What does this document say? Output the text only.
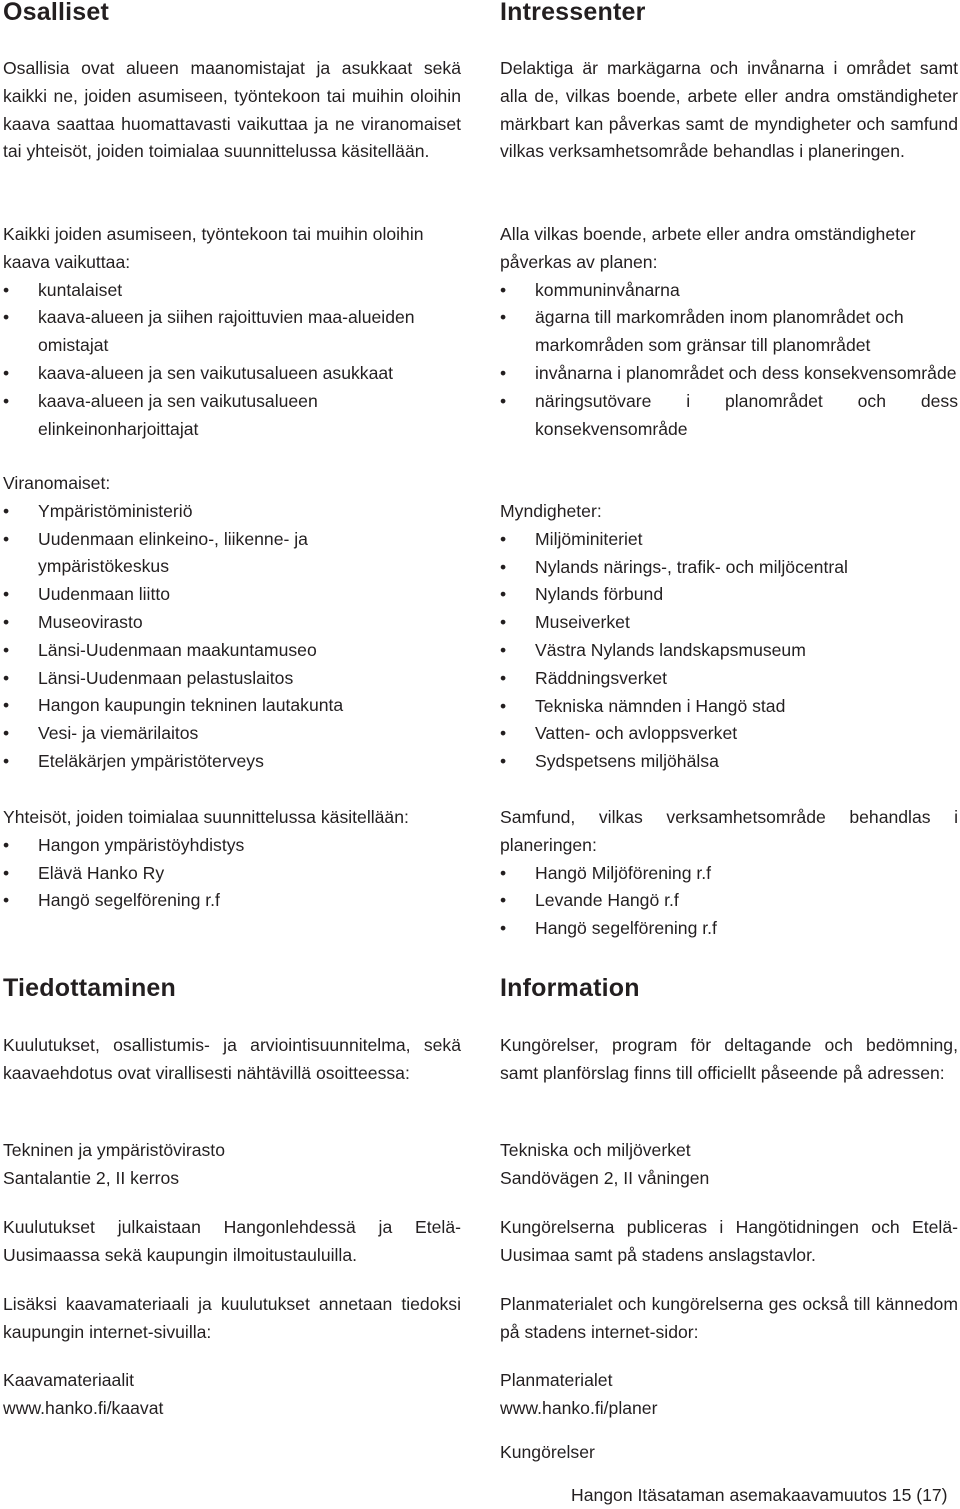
Osalliset

Osallisia ovat alueen maanomistajat ja asukkaat sekä kaikki ne, joiden asumiseen, työntekoon tai muihin oloihin kaava saattaa huomattavasti vaikuttaa ja ne viranomaiset tai yhteisöt, joiden toimialaa suunnittelussa käsitellään.

Kaikki joiden asumiseen, työntekoon tai muihin oloihin kaava vaikuttaa:

• kuntalaiset
• kaava-alueen ja siihen rajoittuvien maa-alueiden omistajat
• kaava-alueen ja sen vaikutusalueen asukkaat
• kaava-alueen ja sen vaikutusalueen elinkeinonharjoittajat

Viranomaiset:

• Ympäristöministeriö
• Uudenmaan elinkeino-, liikenne- ja ympäristökeskus
• Uudenmaan liitto
• Museovirasto
• Länsi-Uudenmaan maakuntamuseo
• Länsi-Uudenmaan pelastuslaitos
• Hangon kaupungin tekninen lautakunta
• Vesi- ja viemärilaitos
• Eteläkärjen ympäristöterveys

Yhteisöt, joiden toimialaa suunnittelussa käsitellään:

• Hangon ympäristöyhdistys
• Elävä Hanko Ry
• Hangö segelförening r.f
Tiedottaminen

Kuulutukset, osallistumis- ja arviointisuunnitelma, sekä kaavaehdotus ovat virallisesti nähtävillä osoitteessa:

Tekninen ja ympäristövirasto

Santalantie 2, II kerros

Kuulutukset julkaistaan Hangonlehdessä ja Etelä-Uusimaassa sekä kaupungin ilmoitustauluilla.

Lisäksi kaavamateriaali ja kuulutukset annetaan tiedoksi kaupungin internet-sivuilla:

Kaavamateriaalit

www.hanko.fi/kaavat

Intressenter

Delaktiga är markägarna och invånarna i området samt alla de, vilkas boende, arbete eller andra omständigheter märkbart kan påverkas samt de myndigheter och samfund vilkas verksamhetsområde behandlas i planeringen.

Alla vilkas boende, arbete eller andra omständigheter påverkas av planen:

• kommuninvånarna
• ägarna till markområden inom planområdet och markområden som gränsar till planområdet
• invånarna i planområdet och dess konsekvensområde
• näringsutövare i planområdet och dess konsekvensområde

Myndigheter:

• Miljöminiteriet
• Nylands närings-, trafik- och miljöcentral
• Nylands förbund
• Museiverket
• Västra Nylands landskapsmuseum
• Räddningsverket
• Tekniska nämnden i Hangö stad
• Vatten- och avloppsverket
• Sydspetsens miljöhälsa

Samfund, vilkas verksamhetsområde behandlas i planeringen:

• Hangö Miljöförening r.f
• Levande Hangö r.f
• Hangö segelförening r.f
Information

Kungörelser, program för deltagande och bedömning, samt planförslag finns till officiellt påseende på adressen:

Tekniska och miljöverket

Sandövägen 2, II våningen

Kungörelserna publiceras i Hangötidningen och Etelä-Uusimaa samt på stadens anslagstavlor.

Planmaterialet och kungörelserna ges också till kännedom på stadens internet-sidor:

Planmaterialet

www.hanko.fi/planer

Kungörelser

Hangon Itäsataman asemakaavamuutos 15 (17)
